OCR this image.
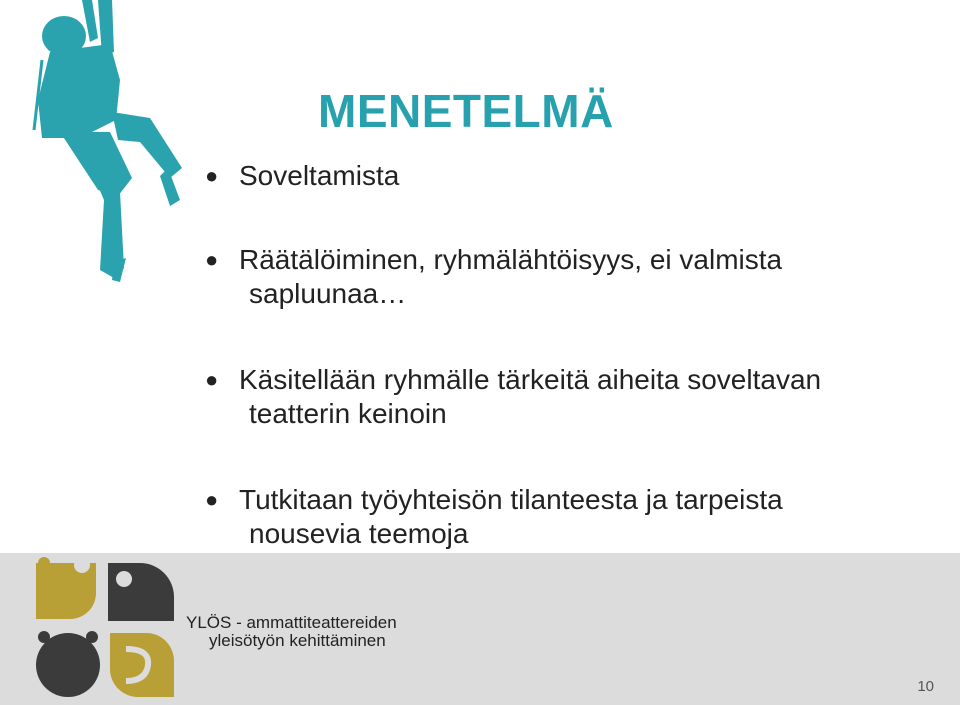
MENETELMÄ
● Soveltamista
● Räätälöiminen, ryhmälähtöisyys, ei valmista
sapluunaa…
● Käsitellään ryhmälle tärkeitä aiheita soveltavan
teatterin keinoin
● Tutkitaan työyhteisön tilanteesta ja tarpeista
nousevia teemoja
YLÖS - ammattiteattereiden
yleisötyön kehittäminen
10
